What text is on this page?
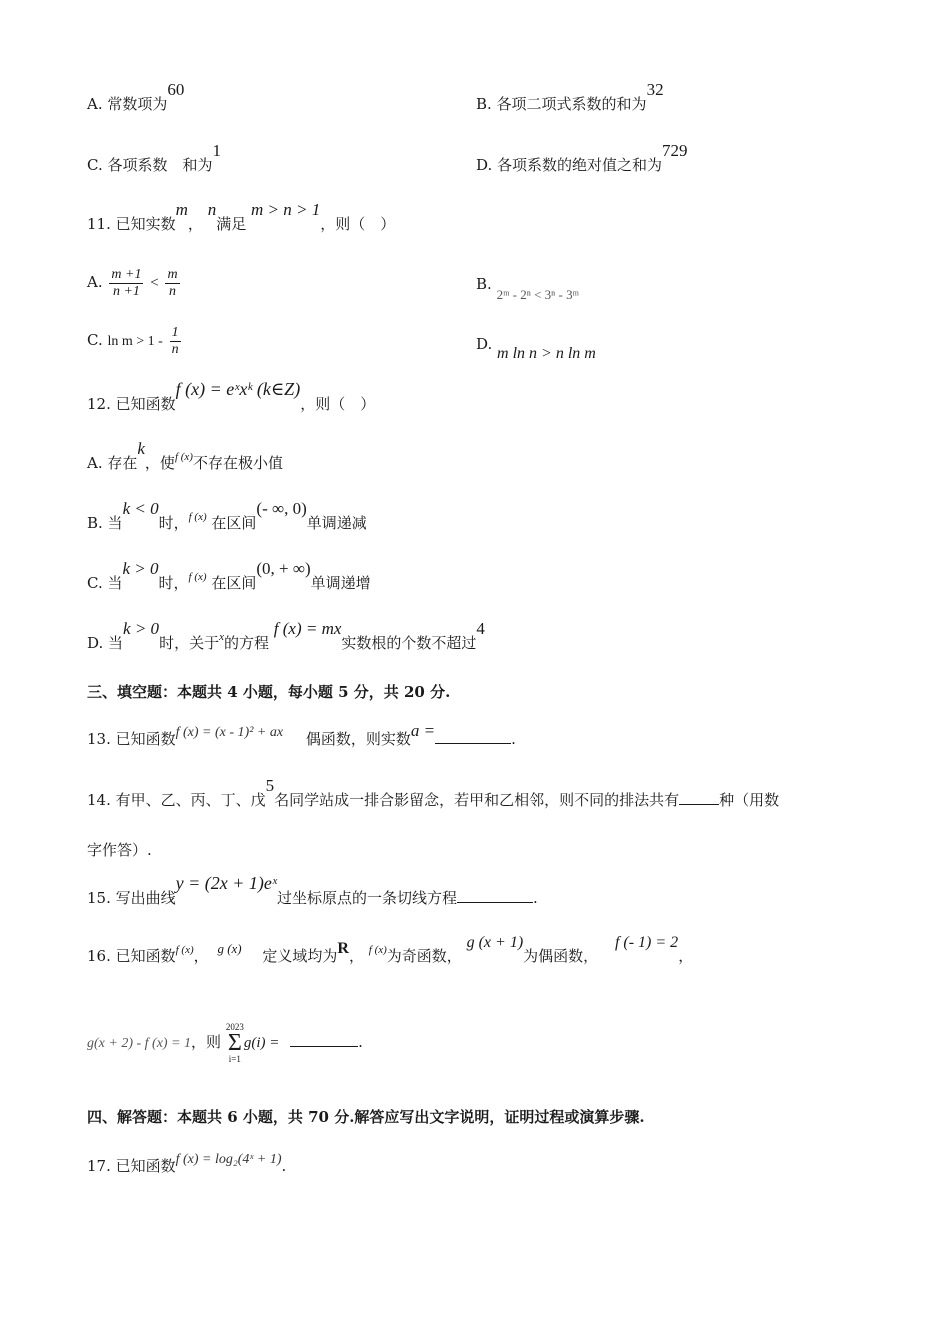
A. 常数项为60
B. 各项二项式系数的和为32
C. 各项系数　和为1
D. 各项系数的绝对值之和为729
11. 已知实数m， n满足 m > n > 1，则（　）
A. $\frac{m +1}{n +1} < \frac{m}{n}$	B. 2ᵐ - 2ⁿ < 3ⁿ - 3ᵐ
C. $\ln m > 1 - \frac{1}{n}$	D. m ln n > n ln m
12. 已知函数f (x) = eˣxᵏ (k∈Z)，则（　）
A. 存在k，使$^{f (x)}$不存在极小值
B. 当k < 0时，$^{f (x)}$ 在区间(- ∞, 0)单调递减
C. 当k > 0时，$^{f (x)}$ 在区间(0, + ∞)单调递增
D. 当k > 0时，关于$^x$的方程 f (x) = mx实数根的个数不超过4
三、填空题：本题共 4 小题，每小题 5 分，共 20 分.
13. 已知函数f (x) = (x - 1)² + ax 偶函数，则实数a =	.
14. 有甲、乙、丙、丁、戊5名同学站成一排合影留念，若甲和乙相邻，则不同的排法共有	种（用数
字作答）.
15. 写出曲线y = (2x + 1)eˣ过坐标原点的一条切线方程	.
16. 已知函数$^{f (x)}$， g (x) 定义域均为R， $^{f (x)}$为奇函数， g (x + 1)为偶函数， f (- 1) = 2，
g(x + 2) - f (x) = 1，则
2023
Σ
i=1
g(i) =	.
四、解答题：本题共 6 小题，共 70 分.解答应写出文字说明，证明过程或演算步骤.
17. 已知函数f (x) = log₂(4ˣ + 1).
